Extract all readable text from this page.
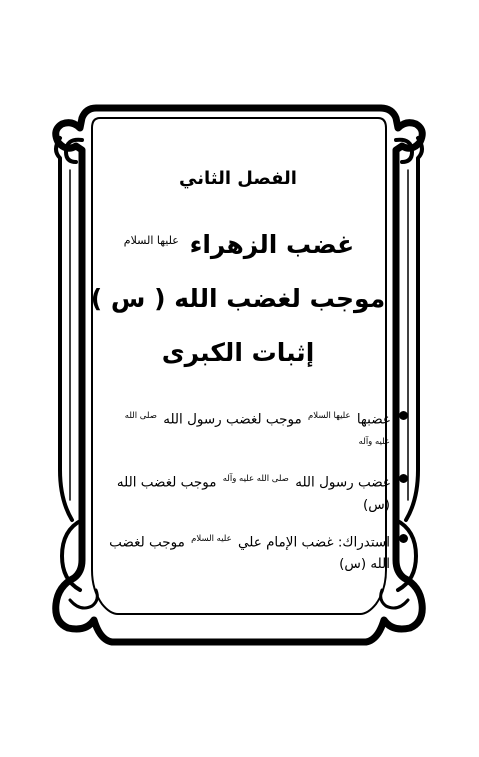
الفصل الثاني
غضب الزهراء $^{عليها السلام}$
موجب لغضب الله ( س )
إثبات الكبرى
غضبها $^{عليها السلام}$ موجب لغضب رسول الله $^{صلى الله عليه وآله}$
غضب رسول الله $^{صلى الله عليه وآله}$ موجب لغضب الله (س)
استدراك: غضب الإمام علي $^{عليه السلام}$ موجب لغضب الله (س)
